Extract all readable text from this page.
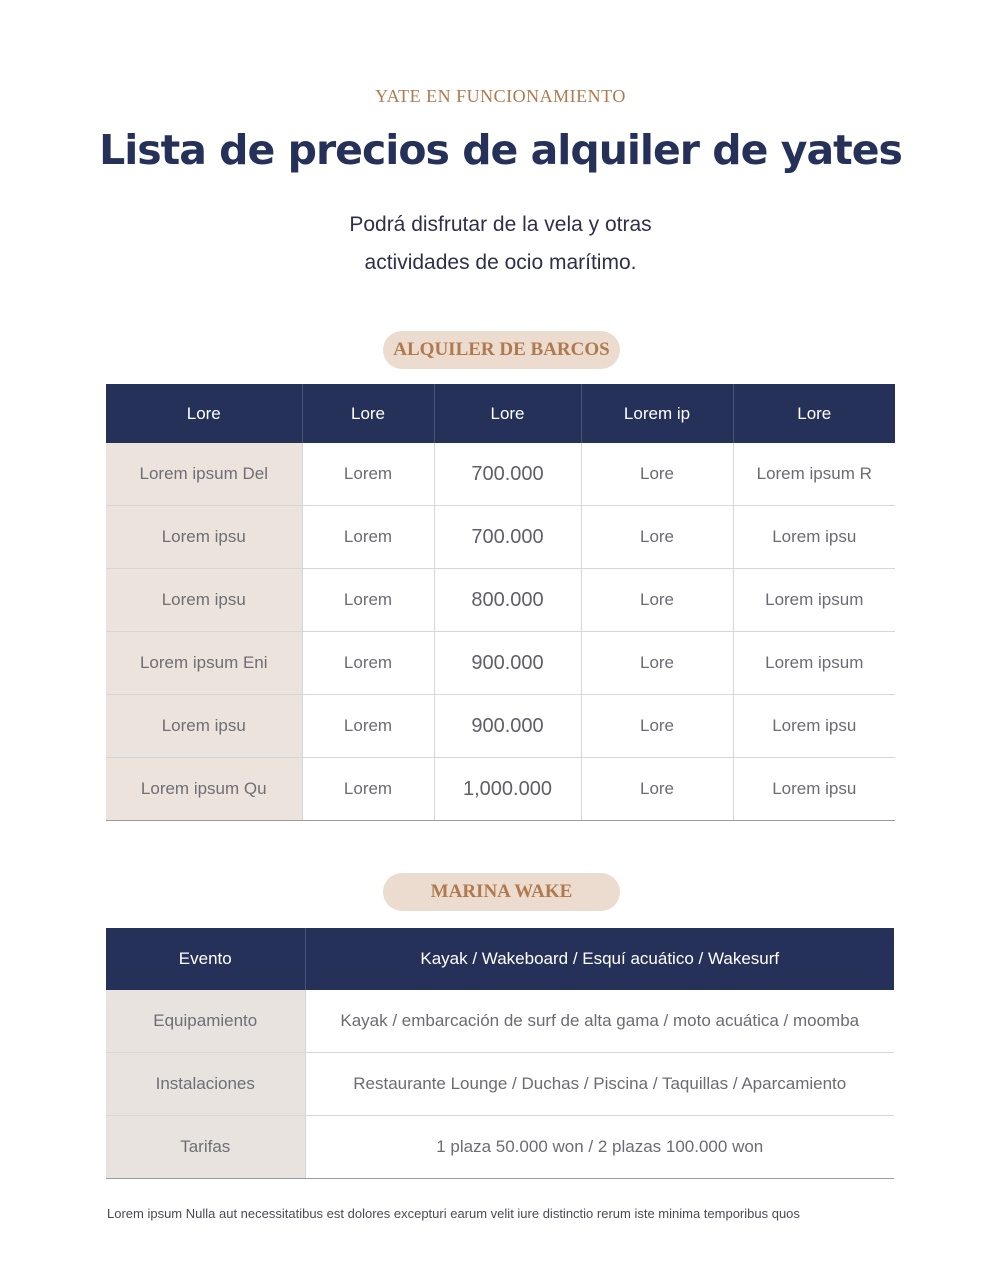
YATE EN FUNCIONAMIENTO
Lista de precios de alquiler de yates
Podrá disfrutar de la vela y otras
actividades de ocio marítimo.
ALQUILER DE BARCOS
Lore	Lore	Lore	Lorem ip	Lore
Lorem ipsum Del	Lorem	700.000	Lore	Lorem ipsum R
Lorem ipsu	Lorem	700.000	Lore	Lorem ipsu
Lorem ipsu	Lorem	800.000	Lore	Lorem ipsum
Lorem ipsum Eni	Lorem	900.000	Lore	Lorem ipsum
Lorem ipsu	Lorem	900.000	Lore	Lorem ipsu
Lorem ipsum Qu	Lorem	1,000.000	Lore	Lorem ipsu
MARINA WAKE
Evento	Kayak / Wakeboard / Esquí acuático / Wakesurf
Equipamiento	Kayak / embarcación de surf de alta gama / moto acuática / moomba
Instalaciones	Restaurante Lounge / Duchas / Piscina / Taquillas / Aparcamiento
Tarifas	1 plaza 50.000 won / 2 plazas 100.000 won
Lorem ipsum Nulla aut necessitatibus est dolores excepturi earum velit iure distinctio rerum iste minima temporibus quos
